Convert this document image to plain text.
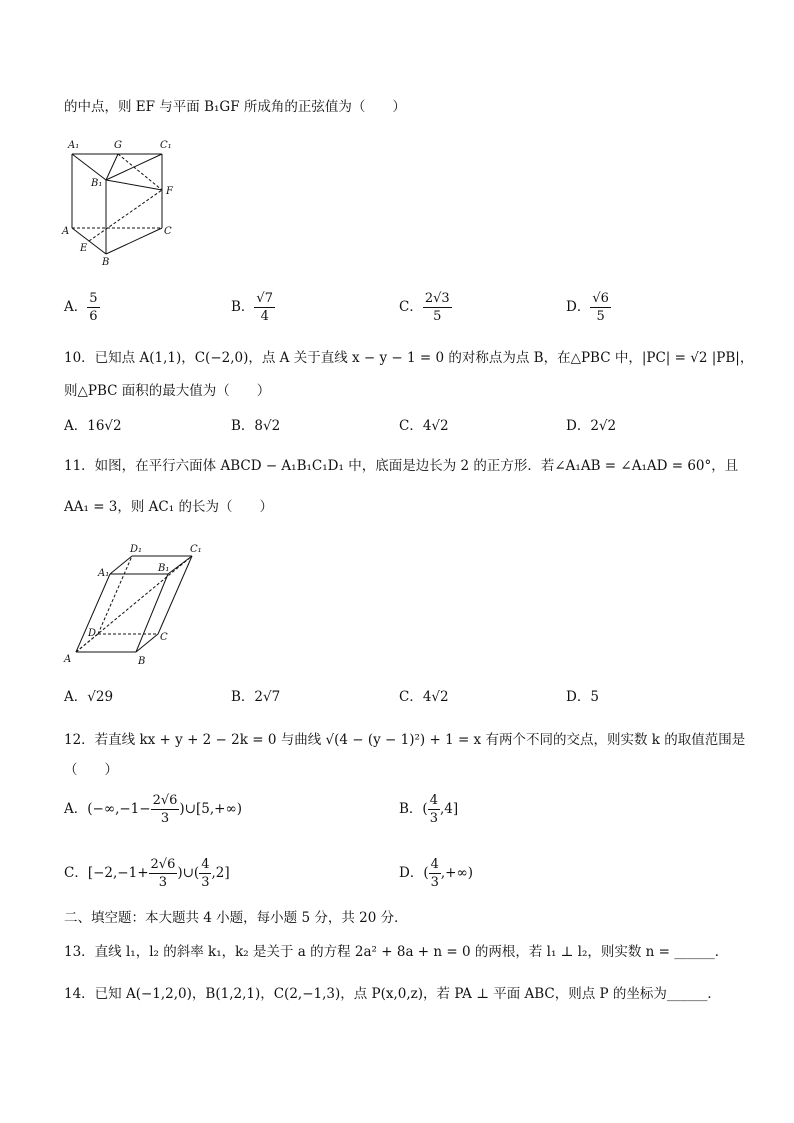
的中点，则 EF 与平面 B₁GF 所成角的正弦值为（　　）
A₁	G	C₁
B₁
F
A	C
E
B
A． $\frac{5}{6}$	B． $\frac{√7}{4}$	C． $\frac{2√3}{5}$	D． $\frac{√6}{5}$
10．已知点 A(1,1)，C(−2,0)，点 A 关于直线 x − y − 1 = 0 的对称点为点 B，在△PBC 中，|PC| = √2 |PB|，
则△PBC 面积的最大值为（　　）
A．16√2	B．8√2	C．4√2	D．2√2
11．如图，在平行六面体 ABCD − A₁B₁C₁D₁ 中，底面是边长为 2 的正方形．若∠A₁AB = ∠A₁AD = 60°，且
AA₁ = 3，则 AC₁ 的长为（　　）
D₁	C₁
A₁	B₁
D	C
A	B
A．√29	B．2√7	C．4√2	D．5
12．若直线 kx + y + 2 − 2k = 0 与曲线 √(4 − (y − 1)²) + 1 = x 有两个不同的交点，则实数 k 的取值范围是
（　　）
A．($-\infty,-1- \frac{2√6}{3}$ )∪[5,+∞)	B．( $\frac{4}{3} ,4$]
C．[$-2,-1+ \frac{2√6}{3}$ )∪( $\frac{4}{3} ,2$]	D．( $\frac{4}{3}$ ,+∞)
二、填空题：本大题共 4 小题，每小题 5 分，共 20 分．
13．直线 l₁，l₂ 的斜率 k₁，k₂ 是关于 a 的方程 2a² + 8a + n = 0 的两根，若 l₁ ⊥ l₂，则实数 n = ______．
14．已知 A(−1,2,0)，B(1,2,1)，C(2,−1,3)，点 P(x,0,z)，若 PA ⊥ 平面 ABC，则点 P 的坐标为______．
